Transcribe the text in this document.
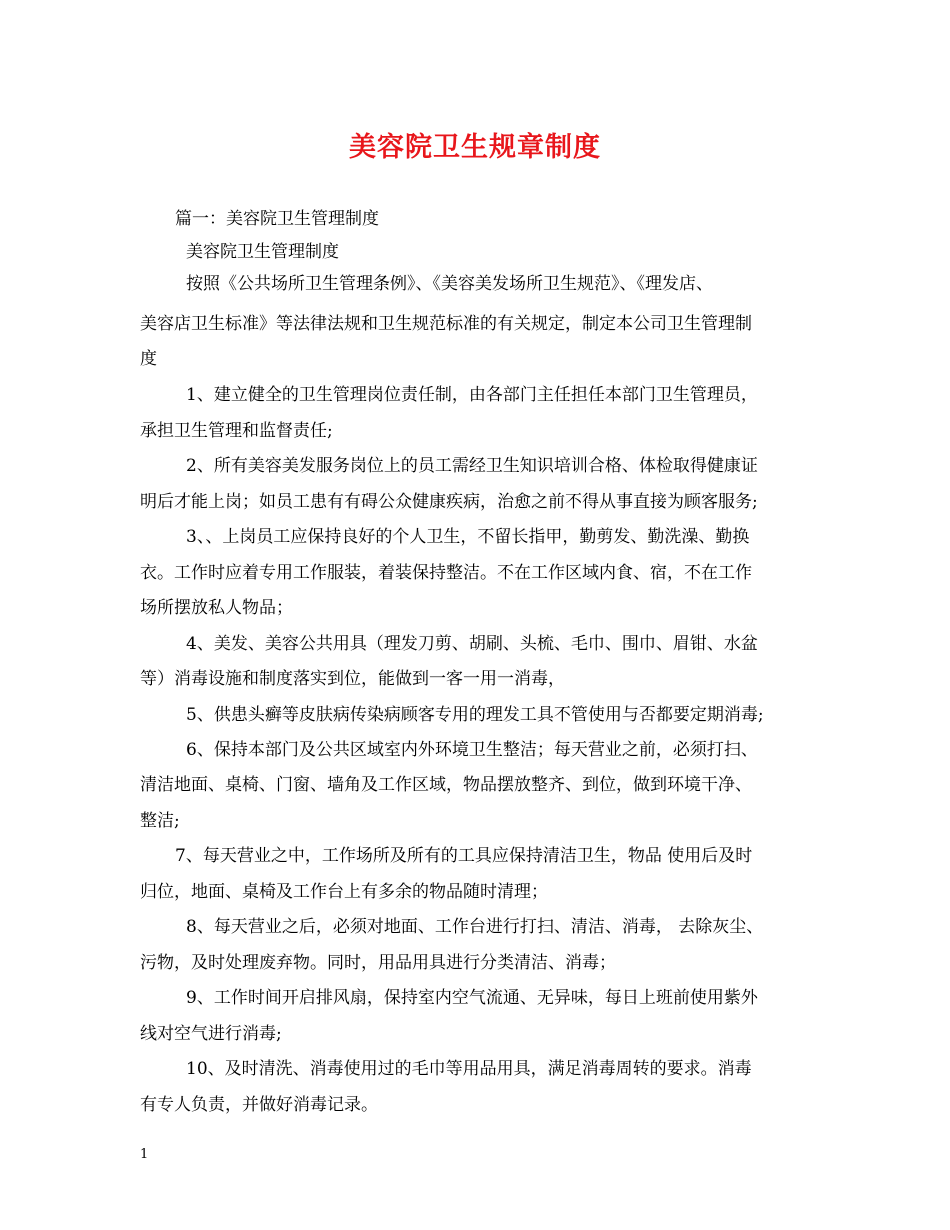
美容院卫生规章制度
篇一：美容院卫生管理制度
美容院卫生管理制度
按照《公共场所卫生管理条例》、《美容美发场所卫生规范》、《理发店、
美容店卫生标准》等法律法规和卫生规范标准的有关规定，制定本公司卫生管理制
度
1、建立健全的卫生管理岗位责任制，由各部门主任担任本部门卫生管理员，
承担卫生管理和监督责任;
2、所有美容美发服务岗位上的员工需经卫生知识培训合格、体检取得健康证
明后才能上岗；如员工患有有碍公众健康疾病，治愈之前不得从事直接为顾客服务;
3、、上岗员工应保持良好的个人卫生，不留长指甲，勤剪发、勤洗澡、勤换
衣。工作时应着专用工作服装，着装保持整洁。不在工作区域内食、宿，不在工作
场所摆放私人物品；
4、美发、美容公共用具（理发刀剪、胡刷、头梳、毛巾、围巾、眉钳、水盆
等）消毒设施和制度落实到位，能做到一客一用一消毒，
5、供患头癣等皮肤病传染病顾客专用的理发工具不管使用与否都要定期消毒;
6、保持本部门及公共区域室内外环境卫生整洁；每天营业之前，必须打扫、
清洁地面、桌椅、门窗、墙角及工作区域，物品摆放整齐、到位，做到环境干净、
整洁;
7、每天营业之中，工作场所及所有的工具应保持清洁卫生，物品 使用后及时
归位，地面、桌椅及工作台上有多余的物品随时清理；
8、每天营业之后，必须对地面、工作台进行打扫、清洁、消毒， 去除灰尘、
污物，及时处理废弃物。同时，用品用具进行分类清洁、消毒；
9、工作时间开启排风扇，保持室内空气流通、无异味，每日上班前使用紫外
线对空气进行消毒;
10、及时清洗、消毒使用过的毛巾等用品用具，满足消毒周转的要求。消毒
有专人负责，并做好消毒记录。
1
